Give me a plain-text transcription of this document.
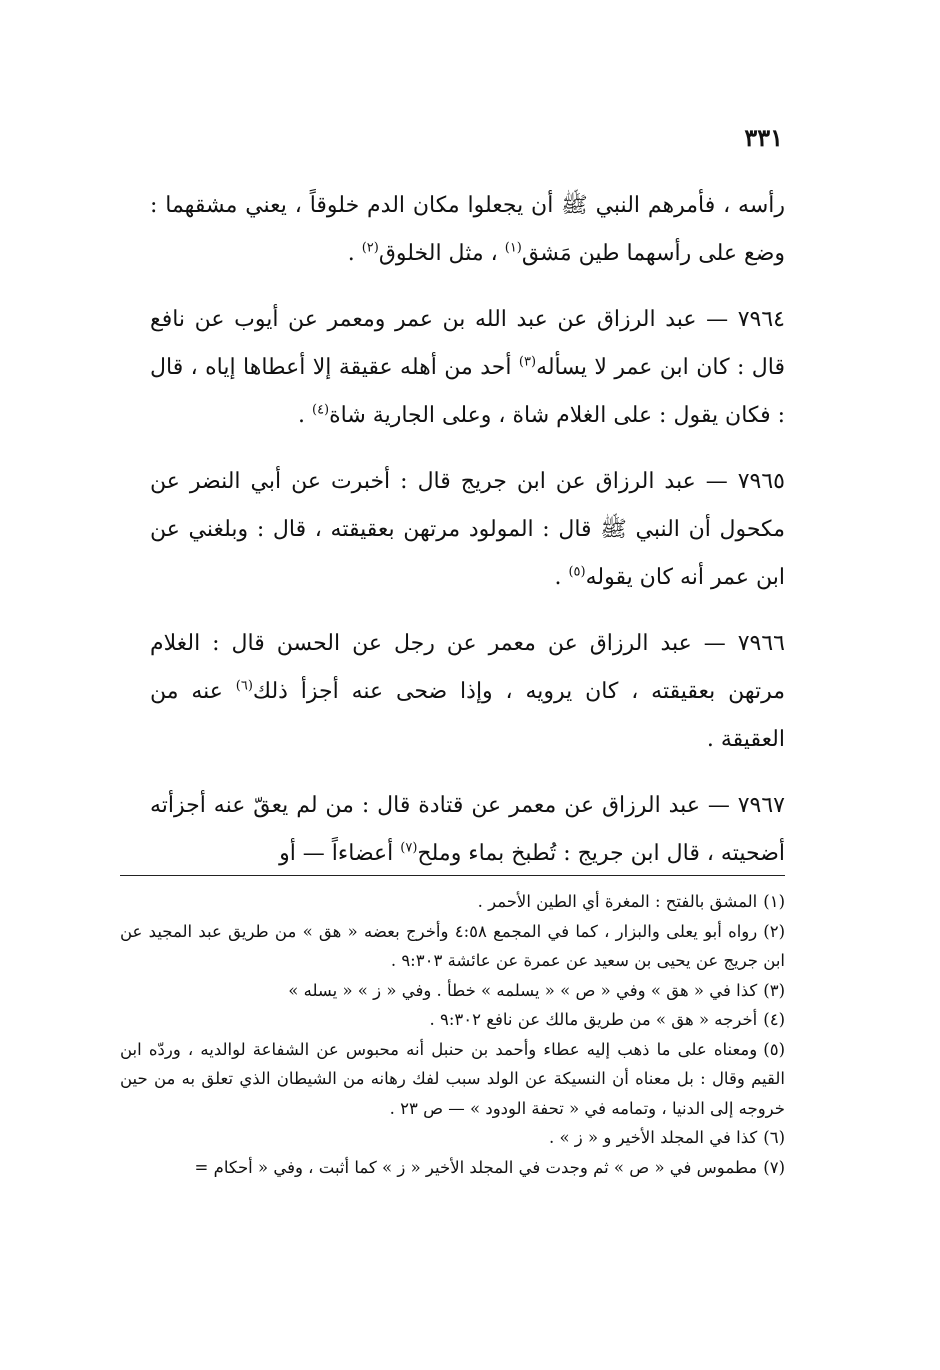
٣٣١

رأسه ، فأمرهم النبي ﷺ أن يجعلوا مكان الدم خلوقاً ، يعني مشقهما : وضع على رأسهما طين مَشق$^{(١)}$ ، مثل الخلوق$^{(٢)}$ .

٧٩٦٤ — عبد الرزاق عن عبد الله بن عمر ومعمر عن أيوب عن نافع قال : كان ابن عمر لا يسأله$^{(٣)}$ أحد من أهله عقيقة إلا أعطاها إياه ، قال : فكان يقول : على الغلام شاة ، وعلى الجارية شاة$^{(٤)}$ .

٧٩٦٥ — عبد الرزاق عن ابن جريج قال : أخبرت عن أبي النضر عن مكحول أن النبي ﷺ قال : المولود مرتهن بعقيقته ، قال : وبلغني عن ابن عمر أنه كان يقوله$^{(٥)}$ .

٧٩٦٦ — عبد الرزاق عن معمر عن رجل عن الحسن قال : الغلام مرتهن بعقيقته ، كان يرويه ، وإذا ضحى عنه أجزأ ذلك$^{(٦)}$ عنه من العقيقة .

٧٩٦٧ — عبد الرزاق عن معمر عن قتادة قال : من لم يعقّ عنه أجزأته أضحيته ، قال ابن جريج : تُطبخ بماء وملح$^{(٧)}$ أعضاءاً — أو

(١)المشق بالفتح : المغرة أي الطين الأحمر .

(٢)رواه أبو يعلى والبزار ، كما في المجمع ٤:٥٨ وأخرج بعضه « هق » من طريق عبد المجيد عن ابن جريج عن يحيى بن سعيد عن عمرة عن عائشة ٩:٣٠٣ .

(٣)كذا في « هق » وفي « ص » « يسلمه » خطأ . وفي « ز » « يسله »

(٤)أخرجه « هق » من طريق مالك عن نافع ٩:٣٠٢ .

(٥)ومعناه على ما ذهب إليه عطاء وأحمد بن حنبل أنه محبوس عن الشفاعة لوالديه ، وردّه ابن القيم وقال : بل معناه أن النسيكة عن الولد سبب لفك رهانه من الشيطان الذي تعلق به من حين خروجه إلى الدنيا ، وتمامه في « تحفة الودود » — ص ٢٣ .

(٦)كذا في المجلد الأخير و « ز » .

(٧)مطموس في « ص » ثم وجدت في المجلد الأخير « ز » كما أثبت ، وفي « أحكام =
